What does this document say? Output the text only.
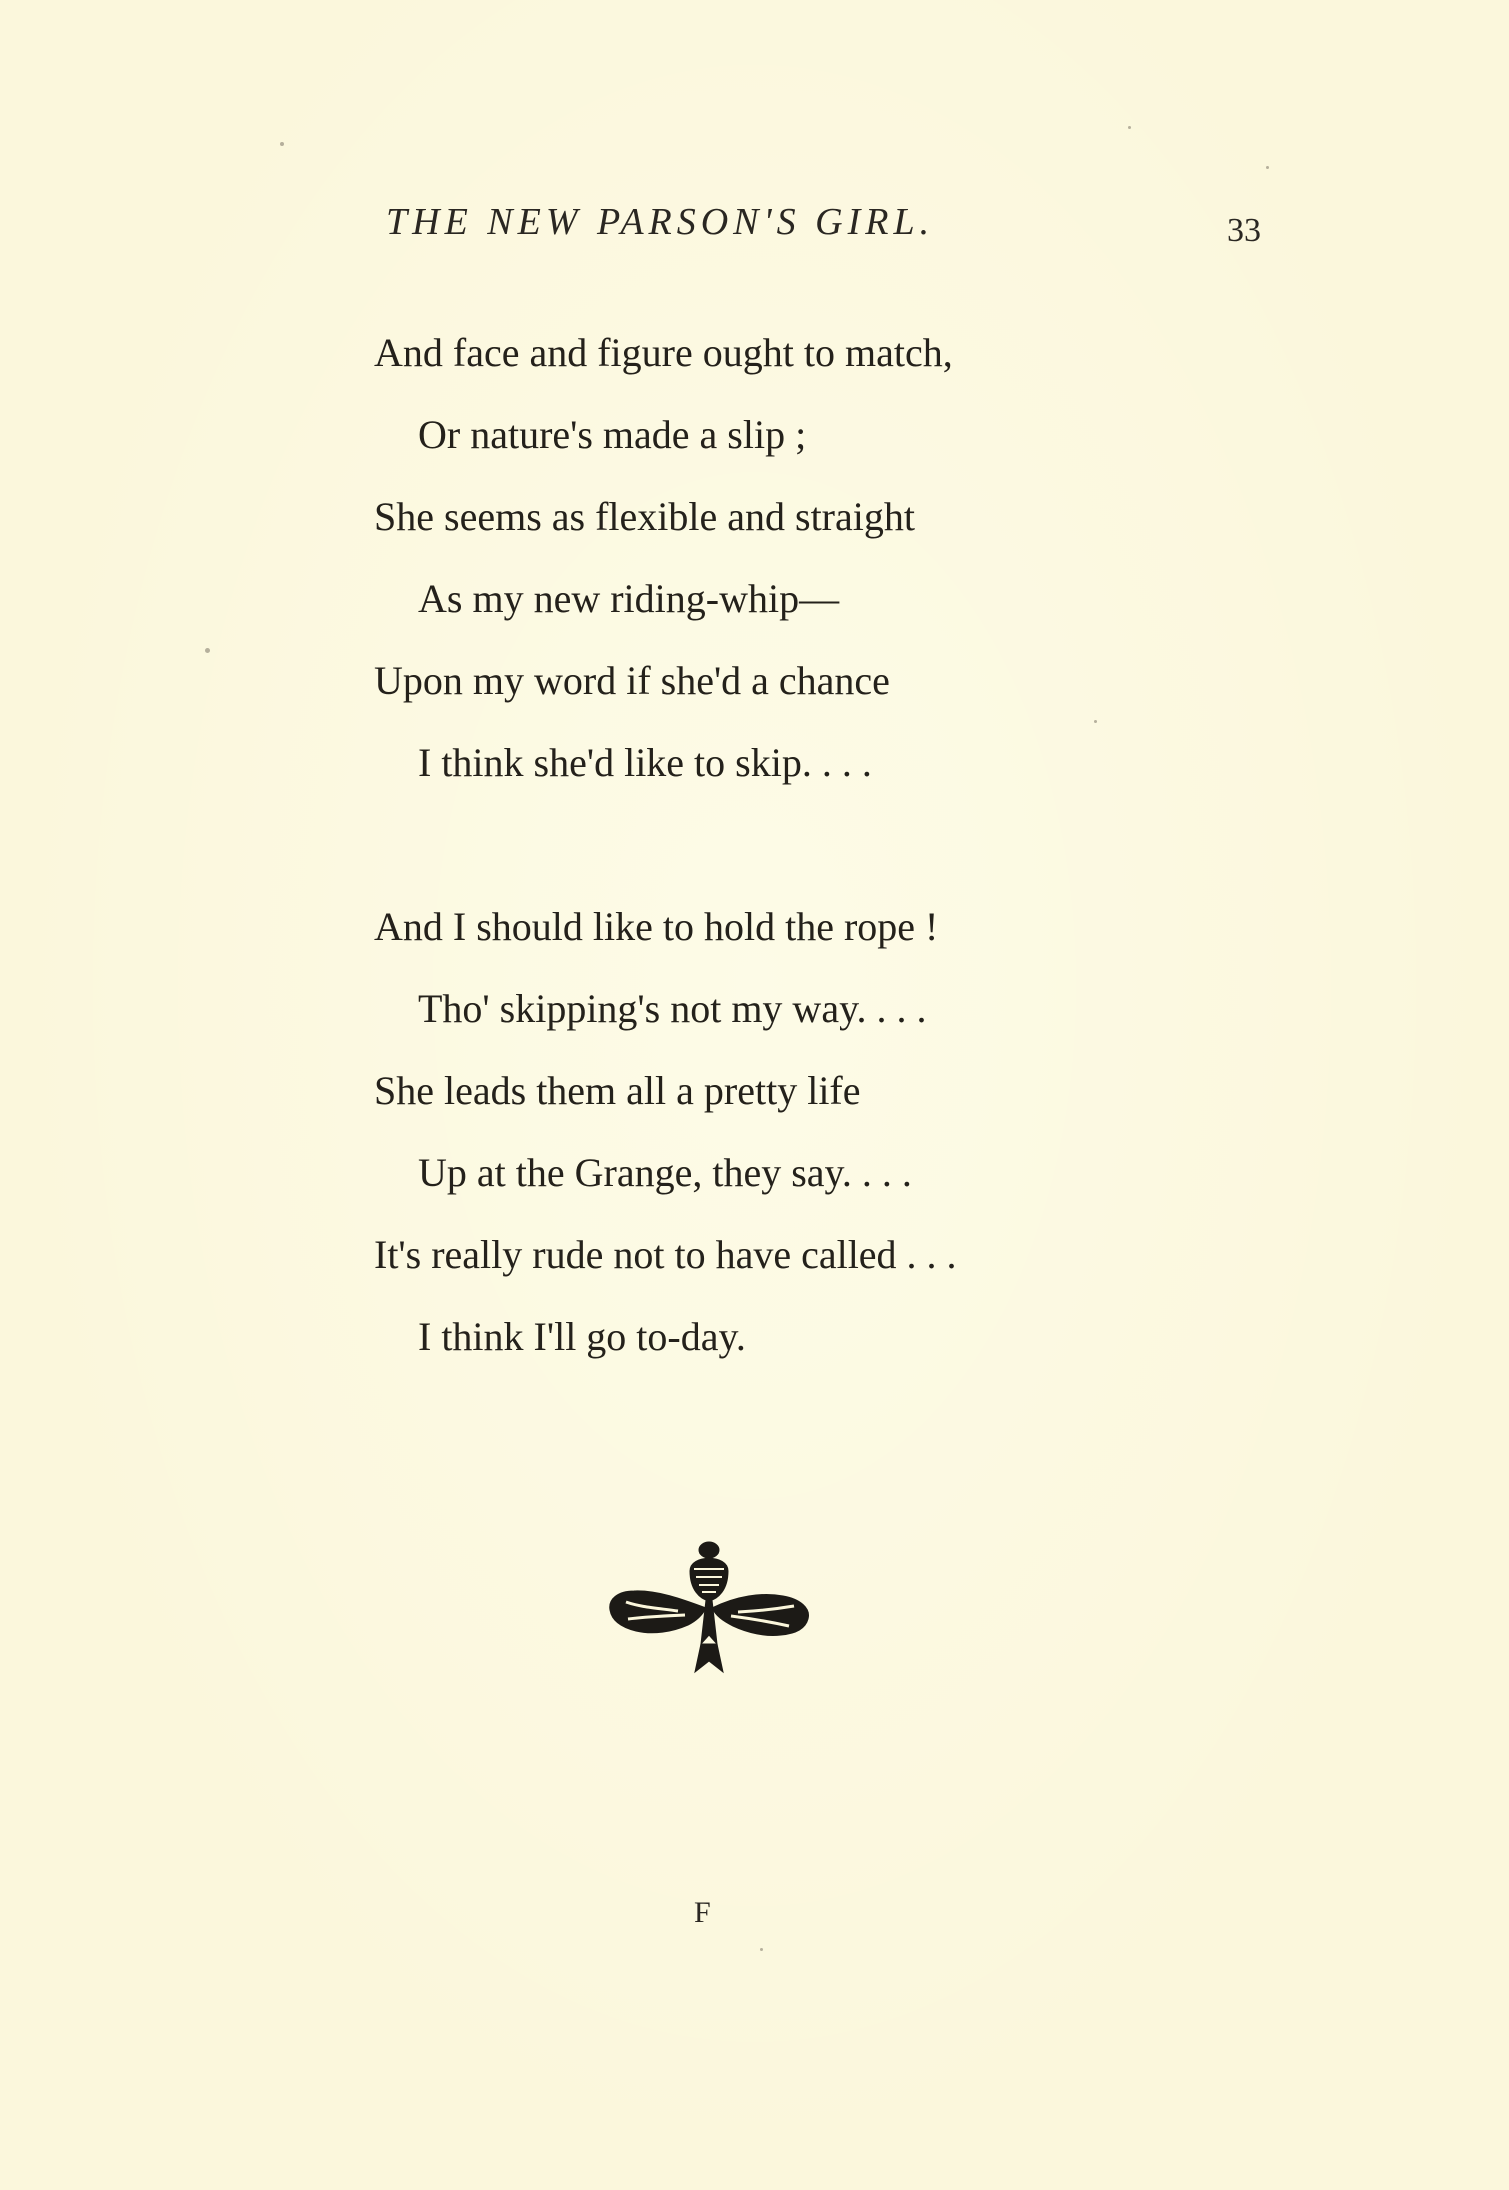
THE NEW PARSON'S GIRL.	33
And face and figure ought to match,
Or nature's made a slip ;
She seems as flexible and straight
As my new riding-whip—
Upon my word if she'd a chance
I think she'd like to skip. . . .
And I should like to hold the rope !
Tho' skipping's not my way. . . .
She leads them all a pretty life
Up at the Grange, they say. . . .
It's really rude not to have called . . .
I think I'll go to-day.
F
